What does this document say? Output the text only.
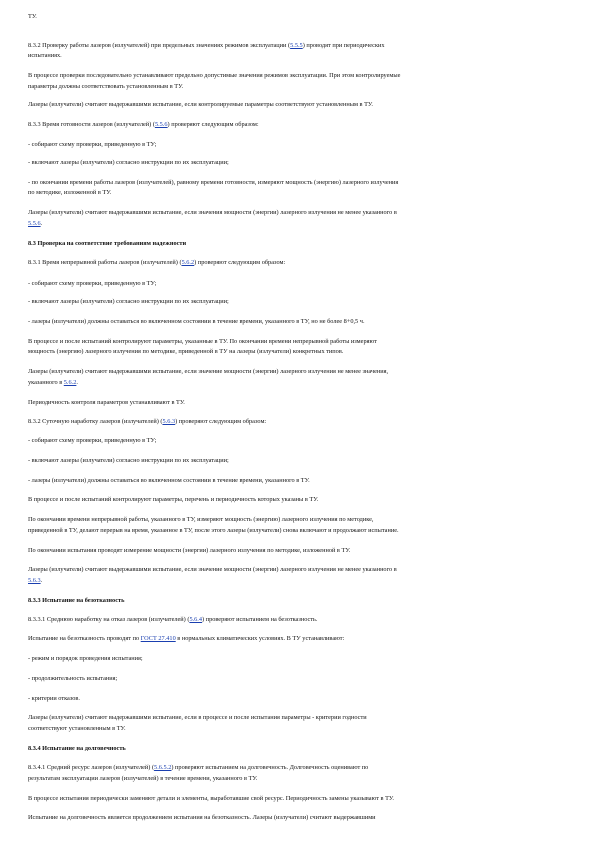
ТУ.
8.3.2 Проверку работы лазеров (излучателей) при предельных значениях режимов эксплуатации (5.5.5) проводят при периодических
испытаниях.
В процессе проверки последовательно устанавливают предельно допустимые значения режимов эксплуатации. При этом контролируемые
параметры должны соответствовать установленным в ТУ.
Лазеры (излучатели) считают выдержавшими испытание, если контролируемые параметры соответствуют установленным в ТУ.
8.3.3 Время готовности лазеров (излучателей) (5.5.6) проверяют следующим образом:
- собирают схему проверки, приведенную в ТУ;
- включают лазеры (излучатели) согласно инструкции по их эксплуатации;
- по окончании времени работы лазеров (излучателей), равному времени готовности, измеряют мощность (энергию) лазерного излучения
по методике, изложенной в ТУ.
Лазеры (излучатели) считают выдержавшими испытание, если значения мощности (энергии) лазерного излучения не менее указанного в
5.5.6.
8.3 Проверка на соответствие требованиям надежности
8.3.1 Время непрерывной работы лазеров (излучателей) (5.6.2) проверяют следующим образом:
- собирают схему проверки, приведенную в ТУ;
- включают лазеры (излучатели) согласно инструкции по их эксплуатации;
- лазеры (излучатели) должны оставаться во включенном состоянии в течение времени, указанного в ТУ, но не более 8+0,5 ч.
В процессе и после испытаний контролируют параметры, указанные в ТУ. По окончании времени непрерывной работы измеряют
мощность (энергию) лазерного излучения по методике, приведенной в ТУ на лазеры (излучатели) конкретных типов.
Лазеры (излучатели) считают выдержавшими испытание, если значение мощности (энергии) лазерного излучения не менее значения,
указанного в 5.6.2.
Периодичность контроля параметров устанавливают в ТУ.
8.3.2 Суточную наработку лазеров (излучателей) (5.6.3) проверяют следующим образом:
- собирают схему проверки, приведенную в ТУ;
- включают лазеры (излучатели) согласно инструкции по их эксплуатации;
- лазеры (излучатели) должны оставаться во включенном состоянии в течение времени, указанного в ТУ.
В процессе и после испытаний контролируют параметры, перечень и периодичность которых указаны в ТУ.
По окончании времени непрерывной работы, указанного в ТУ, измеряют мощность (энергию) лазерного излучения по методике,
приведенной в ТУ, делают перерыв на время, указанное в ТУ, после этого лазеры (излучатели) снова включают и продолжают испытание.
По окончании испытания проводят измерение мощности (энергии) лазерного излучения по методике, изложенной в ТУ.
Лазеры (излучатели) считают выдержавшими испытание, если значение мощности (энергии) лазерного излучения не менее указанного в
5.6.3.
8.3.3 Испытание на безотказность
8.3.3.1 Среднюю наработку на отказ лазеров (излучателей) (5.6.4) проверяют испытанием на безотказность.
Испытание на безотказность проводят по ГОСТ 27.410 в нормальных климатических условиях. В ТУ устанавливают:
- режим и порядок проведения испытания;
- продолжительность испытания;
- критерии отказов.
Лазеры (излучатели) считают выдержавшими испытание, если в процессе и после испытания параметры - критерии годности
соответствуют установленным в ТУ.
8.3.4 Испытание на долговечность
8.3.4.1 Средний ресурс лазеров (излучателей) (5.6.5.2) проверяют испытанием на долговечность. Долговечность оценивают по
результатам эксплуатации лазеров (излучателей) в течение времени, указанного в ТУ.
В процессе испытания периодически заменяют детали и элементы, выработавшие свой ресурс. Периодичность замены указывают в ТУ.
Испытание на долговечность является продолжением испытания на безотказность. Лазеры (излучатели) считают выдержавшими
